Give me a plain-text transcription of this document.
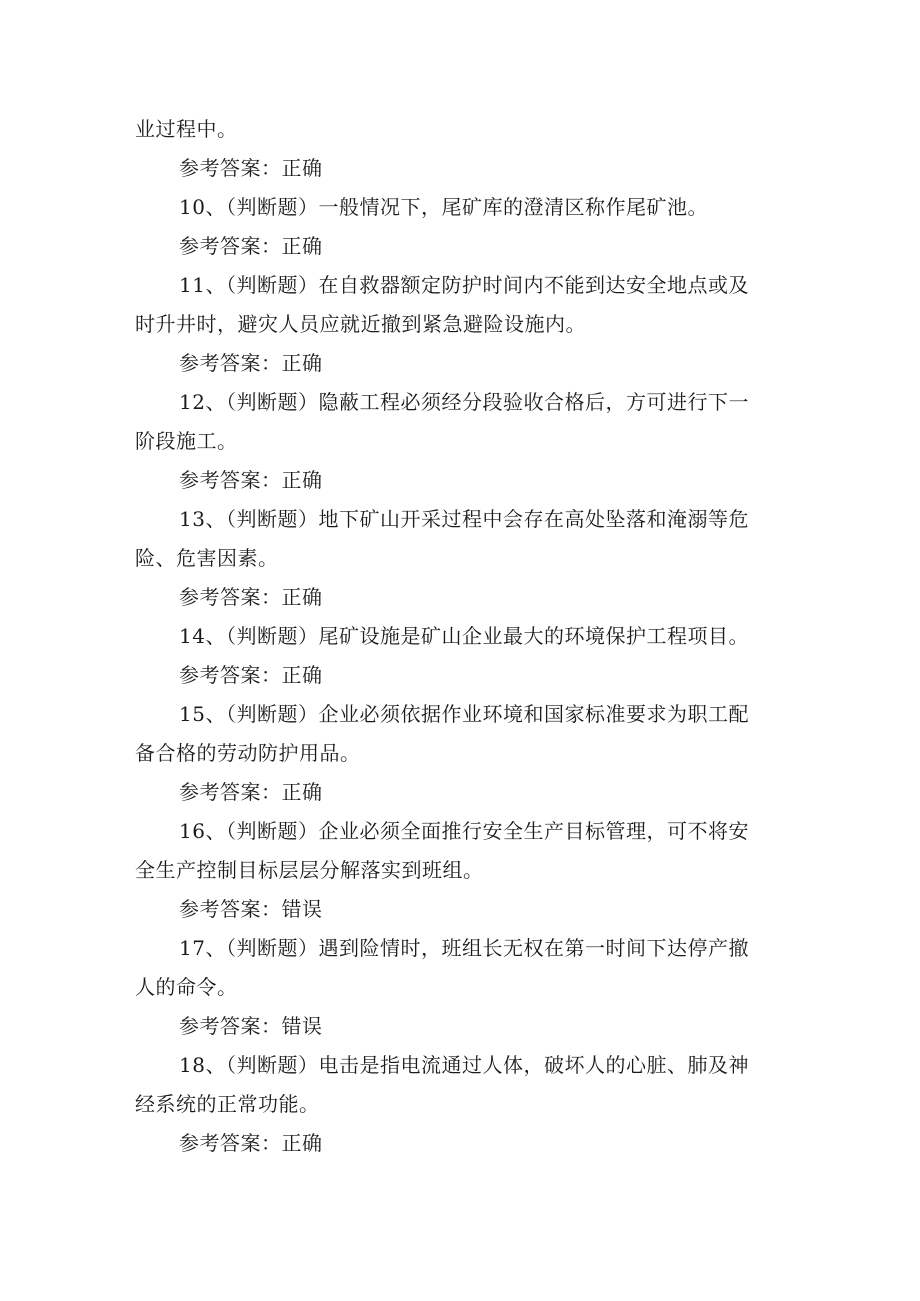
业过程中。
参考答案：正确
10、（判断题）一般情况下，尾矿库的澄清区称作尾矿池。
参考答案：正确
11、（判断题）在自救器额定防护时间内不能到达安全地点或及
时升井时，避灾人员应就近撤到紧急避险设施内。
参考答案：正确
12、（判断题）隐蔽工程必须经分段验收合格后，方可进行下一
阶段施工。
参考答案：正确
13、（判断题）地下矿山开采过程中会存在高处坠落和淹溺等危
险、危害因素。
参考答案：正确
14、（判断题）尾矿设施是矿山企业最大的环境保护工程项目。
参考答案：正确
15、（判断题）企业必须依据作业环境和国家标准要求为职工配
备合格的劳动防护用品。
参考答案：正确
16、（判断题）企业必须全面推行安全生产目标管理，可不将安
全生产控制目标层层分解落实到班组。
参考答案：错误
17、（判断题）遇到险情时，班组长无权在第一时间下达停产撤
人的命令。
参考答案：错误
18、（判断题）电击是指电流通过人体，破坏人的心脏、肺及神
经系统的正常功能。
参考答案：正确
